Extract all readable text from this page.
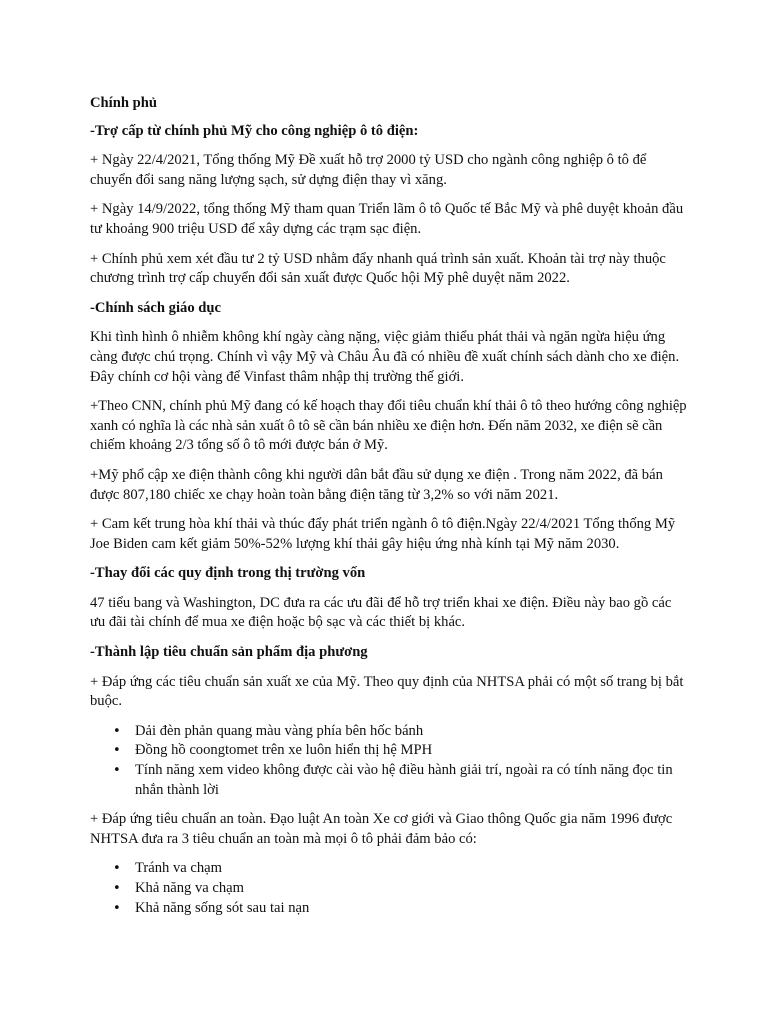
Chính phủ
-Trợ cấp từ chính phủ Mỹ cho công nghiệp ô tô điện:

+ Ngày 22/4/2021, Tổng thống Mỹ Đề xuất hỗ trợ 2000 tỷ USD cho ngành công nghiệp ô tô để chuyển đổi sang năng lượng sạch, sử dựng điện thay vì xăng.

+ Ngày 14/9/2022, tổng thống Mỹ tham quan Triển lãm ô tô Quốc tế Bắc Mỹ và phê duyệt khoản đầu tư khoảng 900 triệu USD để xây dựng các trạm sạc điện.

+ Chính phủ xem xét đầu tư 2 tỷ USD nhằm đẩy nhanh quá trình sản xuất. Khoản tài trợ này thuộc chương trình trợ cấp chuyển đổi sản xuất được Quốc hội Mỹ phê duyệt năm 2022.

-Chính sách giáo dục

Khi tình hình ô nhiễm không khí ngày càng nặng, việc giảm thiểu phát thải và ngăn ngừa hiệu ứng càng được chú trọng. Chính vì vậy Mỹ và Châu Âu đã có nhiều đề xuất chính sách dành cho xe điện. Đây chính cơ hội vàng để Vinfast thâm nhập thị trường thế giới.

+Theo CNN, chính phủ Mỹ đang có kế hoạch thay đổi tiêu chuẩn khí thải ô tô theo hướng công nghiệp xanh có nghĩa là các nhà sản xuất ô tô sẽ cần bán nhiều xe điện hơn. Đến năm 2032, xe điện sẽ cần chiếm khoảng 2/3 tổng số ô tô mới được bán ở Mỹ.

+Mỹ phổ cập xe điện thành công khi người dân bắt đầu sử dụng xe điện . Trong năm 2022, đã bán được 807,180 chiếc xe chạy hoàn toàn bằng điện tăng từ 3,2% so với năm 2021.

+ Cam kết trung hòa khí thải và thúc đẩy phát triển ngành ô tô điện.Ngày 22/4/2021 Tổng thống Mỹ Joe Biden cam kết giảm 50%-52% lượng khí thải gây hiệu ứng nhà kính tại Mỹ năm 2030.

-Thay đổi các quy định trong thị trường vốn

47 tiểu bang và Washington, DC đưa ra các ưu đãi để hỗ trợ triển khai xe điện. Điều này bao gồ các ưu đãi tài chính để mua xe điện hoặc bộ sạc và các thiết bị khác.

-Thành lập tiêu chuẩn sản phẩm địa phương

+ Đáp ứng các tiêu chuẩn sản xuất xe của Mỹ. Theo quy định của NHTSA phải có một số trang bị bắt buộc.

• Dải đèn phản quang màu vàng phía bên hốc bánh
• Đồng hồ coongtomet trên xe luôn hiển thị hệ MPH
• Tính năng xem video không được cài vào hệ điều hành giải trí, ngoài ra có tính năng đọc tin nhắn thành lời

+ Đáp ứng tiêu chuẩn an toàn. Đạo luật An toàn Xe cơ giới và Giao thông Quốc gia năm 1996 được NHTSA đưa ra 3 tiêu chuẩn an toàn mà mọi ô tô phải đảm bảo có:

• Tránh va chạm
• Khả năng va chạm
• Khả năng sống sót sau tai nạn
